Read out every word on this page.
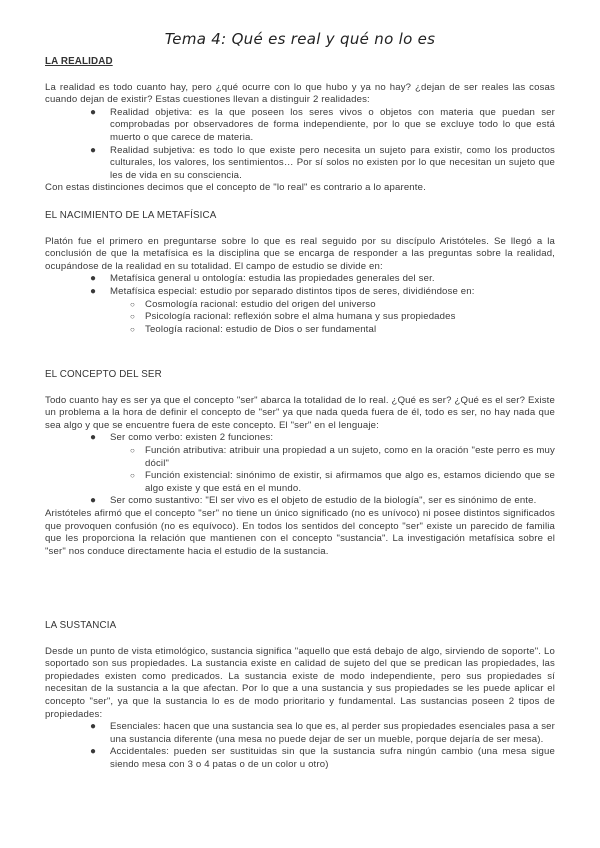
Tema 4: Qué es real y qué no lo es
LA REALIDAD

La realidad es todo cuanto hay, pero ¿qué ocurre con lo que hubo y ya no hay? ¿dejan de ser reales las cosas cuando dejan de existir? Estas cuestiones llevan a distinguir 2 realidades:

● Realidad objetiva: es la que poseen los seres vivos o objetos con materia que puedan ser comprobadas por observadores de forma independiente, por lo que se excluye todo lo que está muerto o que carece de materia.
● Realidad subjetiva: es todo lo que existe pero necesita un sujeto para existir, como los productos culturales, los valores, los sentimientos… Por sí solos no existen por lo que necesitan un sujeto que les de vida en su consciencia.

Con estas distinciones decimos que el concepto de "lo real" es contrario a lo aparente.

EL NACIMIENTO DE LA METAFÍSICA

Platón fue el primero en preguntarse sobre lo que es real seguido por su discípulo Aristóteles. Se llegó a la conclusión de que la metafísica es la disciplina que se encarga de responder a las preguntas sobre la realidad, ocupándose de la realidad en su totalidad. El campo de estudio se divide en:

● Metafísica general u ontología: estudia las propiedades generales del ser.
● Metafísica especial: estudio por separado distintos tipos de seres, dividiéndose en:
○ Cosmología racional: estudio del origen del universo
○ Psicología racional: reflexión sobre el alma humana y sus propiedades
○ Teología racional: estudio de Dios o ser fundamental
EL CONCEPTO DEL SER

Todo cuanto hay es ser ya que el concepto "ser" abarca la totalidad de lo real. ¿Qué es ser? ¿Qué es el ser? Existe un problema a la hora de definir el concepto de "ser" ya que nada queda fuera de él, todo es ser, no hay nada que sea algo y que se encuentre fuera de este concepto. El "ser" en el lenguaje:

● Ser como verbo: existen 2 funciones:
○ Función atributiva: atribuir una propiedad a un sujeto, como en la oración "este perro es muy dócil"
○ Función existencial: sinónimo de existir, si afirmamos que algo es, estamos diciendo que se algo existe y que está en el mundo.
● Ser como sustantivo: "El ser vivo es el objeto de estudio de la biología", ser es sinónimo de ente.

Aristóteles afirmó que el concepto "ser" no tiene un único significado (no es unívoco) ni posee distintos significados que provoquen confusión (no es equívoco). En todos los sentidos del concepto "ser" existe un parecido de familia que les proporciona la relación que mantienen con el concepto "sustancia". La investigación metafísica sobre el "ser" nos conduce directamente hacia el estudio de la sustancia.

LA SUSTANCIA

Desde un punto de vista etimológico, sustancia significa "aquello que está debajo de algo, sirviendo de soporte". Lo soportado son sus propiedades. La sustancia existe en calidad de sujeto del que se predican las propiedades, las propiedades existen como predicados. La sustancia existe de modo independiente, pero sus propiedades sí necesitan de la sustancia a la que afectan. Por lo que a una sustancia y sus propiedades se les puede aplicar el concepto "ser", ya que la sustancia lo es de modo prioritario y fundamental. Las sustancias poseen 2 tipos de propiedades:

● Esenciales: hacen que una sustancia sea lo que es, al perder sus propiedades esenciales pasa a ser una sustancia diferente (una mesa no puede dejar de ser un mueble, porque dejaría de ser mesa).
● Accidentales: pueden ser sustituidas sin que la sustancia sufra ningún cambio (una mesa sigue siendo mesa con 3 o 4 patas o de un color u otro)
